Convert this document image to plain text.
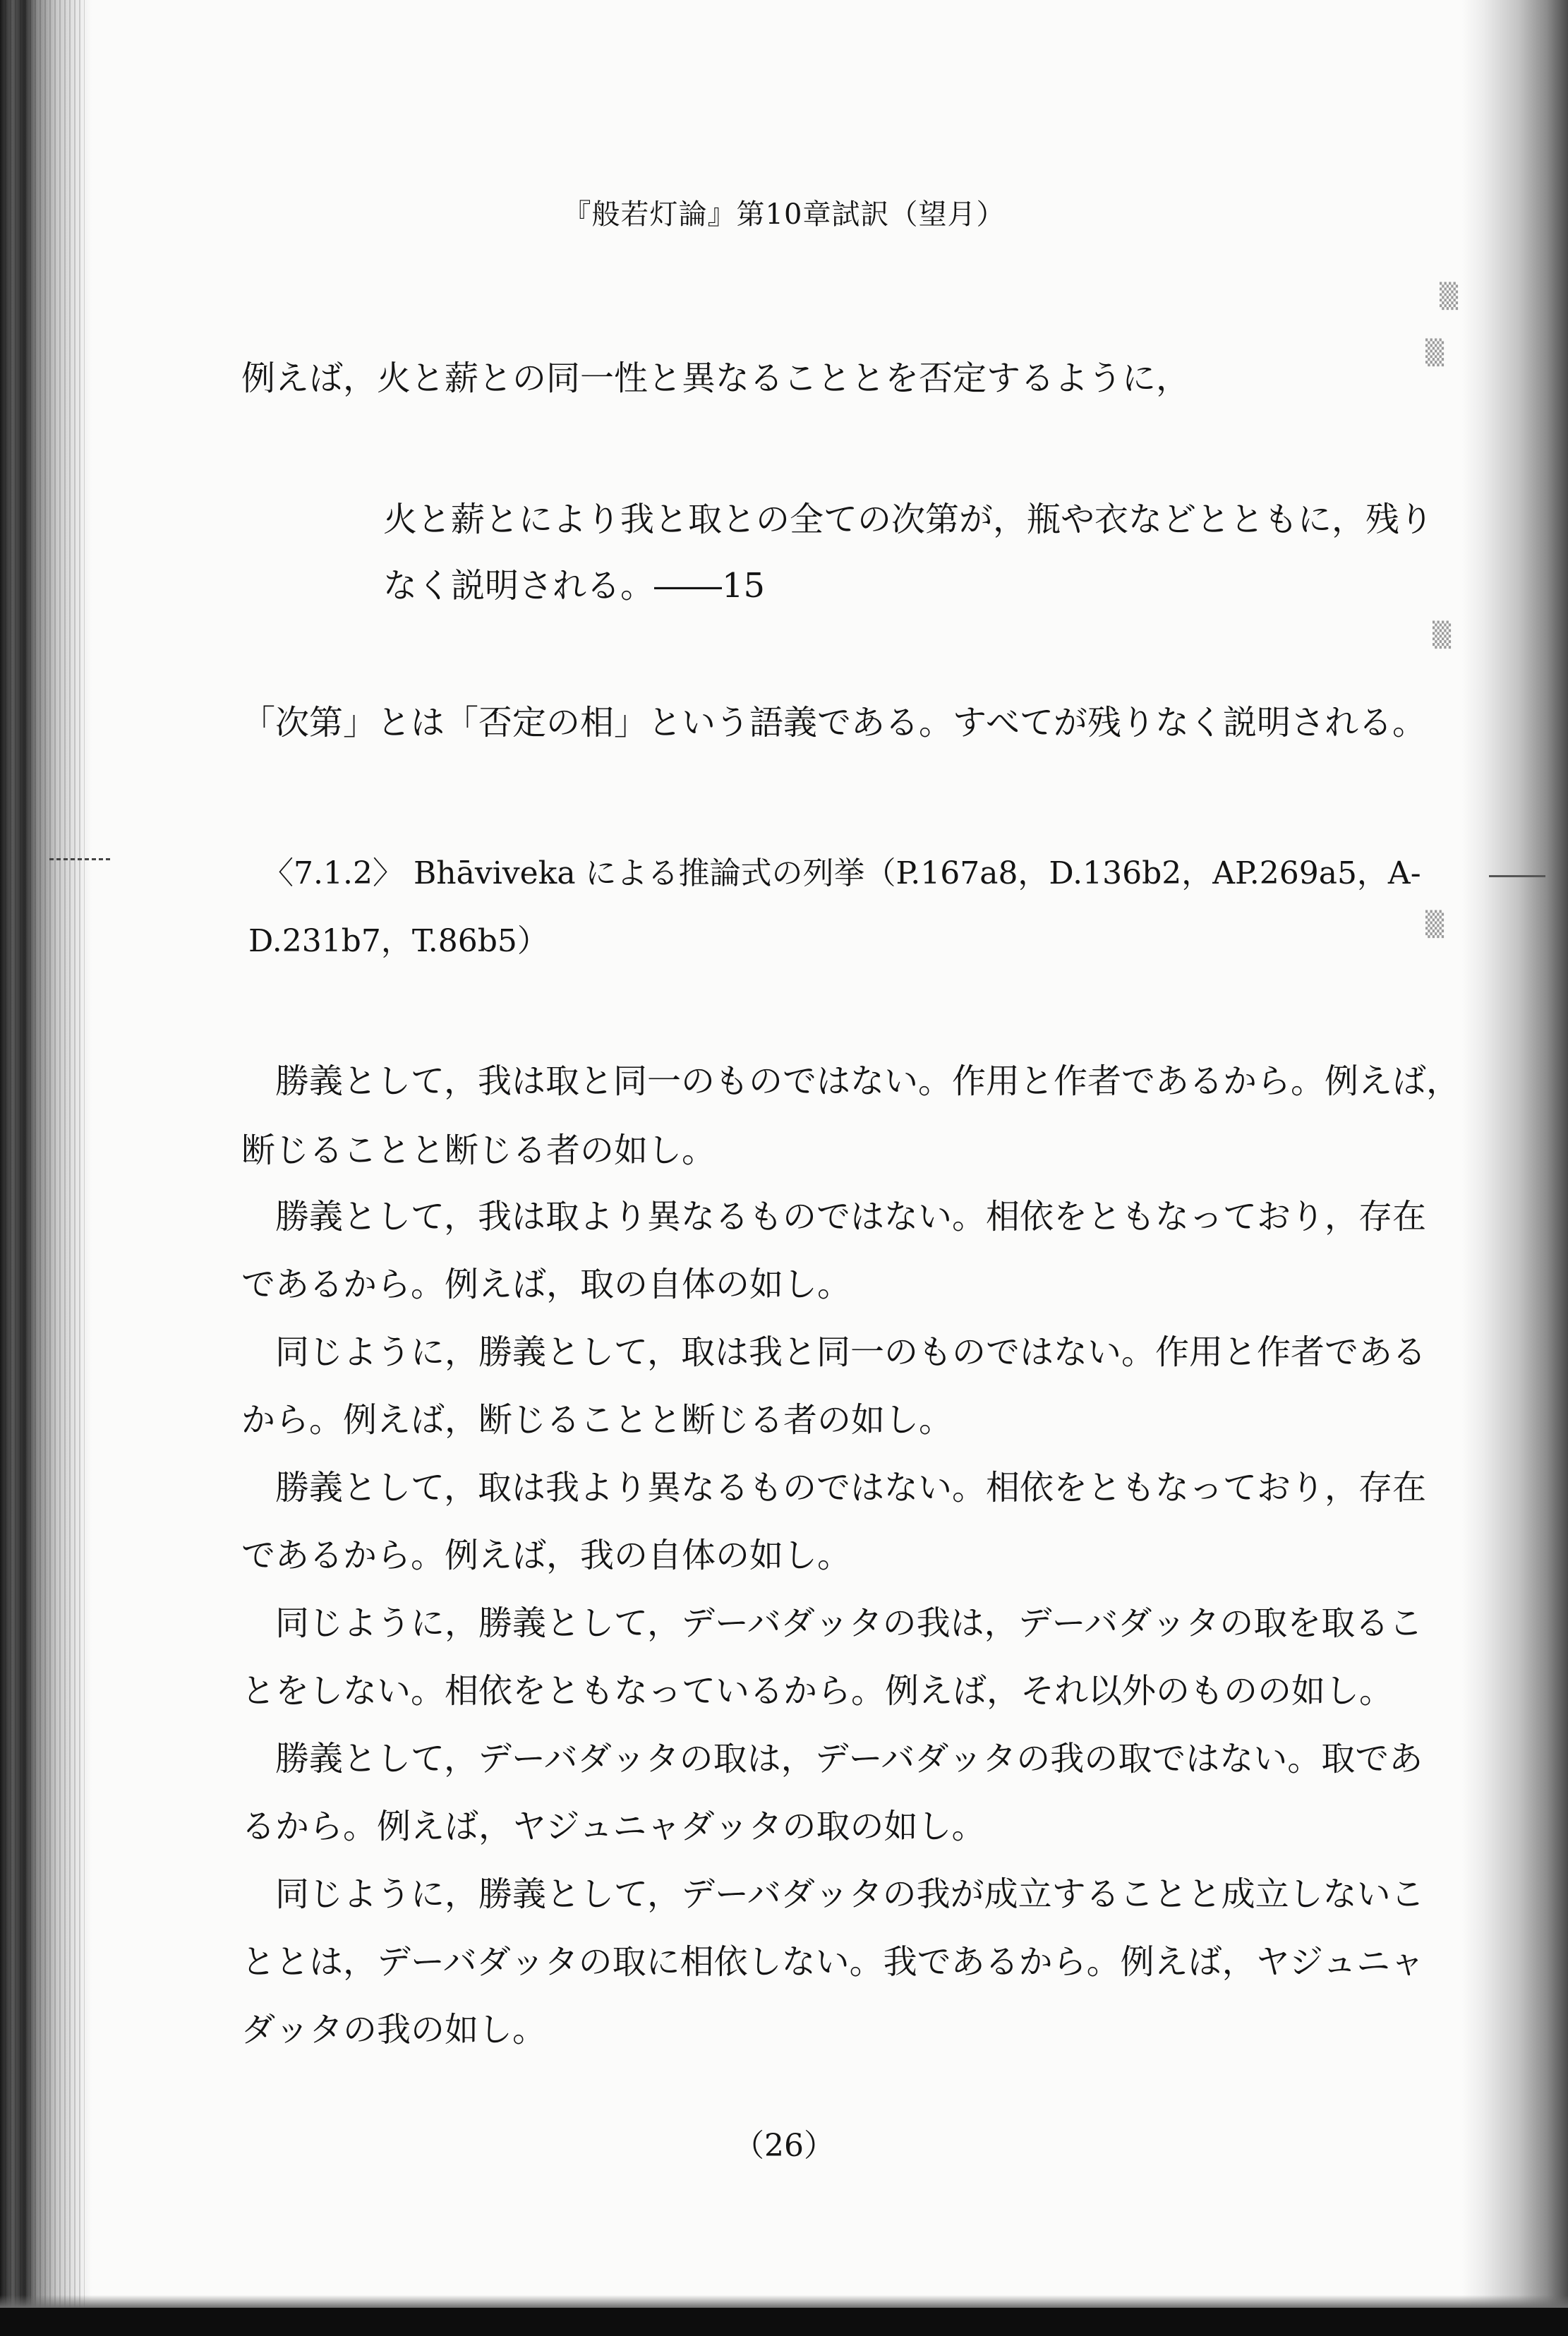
▒
▒
▒
▒
『般若灯論』第10章試訳（望月）
例えば，火と薪との同一性と異なることとを否定するように，
火と薪とにより我と取との全ての次第が，瓶や衣などとともに，残り
なく説明される。――15
「次第」とは「否定の相」という語義である。すべてが残りなく説明される。
〈7.1.2〉 Bhāviveka による推論式の列挙（P.167a8，D.136b2，AP.269a5，A-
D.231b7，T.86b5）
　勝義として，我は取と同一のものではない。作用と作者であるから。例えば，
断じることと断じる者の如し。
　勝義として，我は取より異なるものではない。相依をともなっており，存在
であるから。例えば，取の自体の如し。
　同じように，勝義として，取は我と同一のものではない。作用と作者である
から。例えば，断じることと断じる者の如し。
　勝義として，取は我より異なるものではない。相依をともなっており，存在
であるから。例えば，我の自体の如し。
　同じように，勝義として，デーバダッタの我は，デーバダッタの取を取るこ
とをしない。相依をともなっているから。例えば，それ以外のものの如し。
　勝義として，デーバダッタの取は，デーバダッタの我の取ではない。取であ
るから。例えば，ヤジュニャダッタの取の如し。
　同じように，勝義として，デーバダッタの我が成立することと成立しないこ
ととは，デーバダッタの取に相依しない。我であるから。例えば，ヤジュニャ
ダッタの我の如し。
（26）
